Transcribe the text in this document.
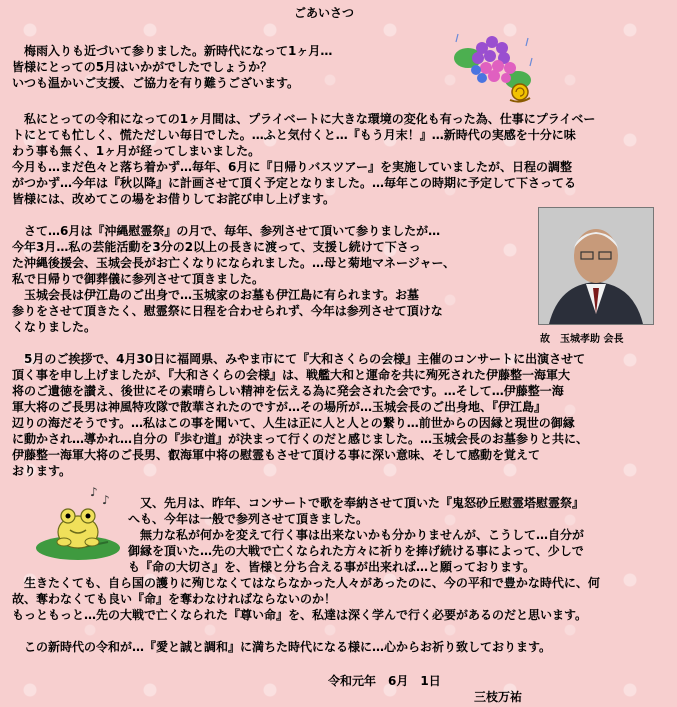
ごあいさつ
梅雨入りも近づいて参りました。新時代になって1ヶ月…
皆様にとっての5月はいかがでしたでしょうか？
いつも温かいご支援、ご協力を有り難うございます。
私にとっての令和になっての1ヶ月間は、プライベートに大きな環境の変化も有った為、仕事にプライベー
トにとても忙しく、慌ただしい毎日でした。…ふと気付くと…『もう月末！』…新時代の実感を十分に味
わう事も無く、1ヶ月が経ってしまいました。
今月も…まだ色々と落ち着かず…毎年、6月に『日帰りバスツアー』を実施していましたが、日程の調整
がつかず…今年は『秋以降』に計画させて頂く予定となりました。…毎年この時期に予定して下さってる
皆様には、改めてこの場をお借りしてお詫び申し上げます。
さて…6月は『沖縄慰霊祭』の月で、毎年、参列させて頂いて参りましたが…
今年3月…私の芸能活動を3分の2以上の長きに渡って、支援し続けて下さっ
た沖縄後援会、玉城会長がお亡くなりになられました。…母と菊地マネージャー、
私で日帰りで御葬儀に参列させて頂きました。
玉城会長は伊江島のご出身で…玉城家のお墓も伊江島に有られます。お墓
参りをさせて頂きたく、慰霊祭に日程を合わせられず、今年は参列させて頂けな
くなりました。
故　玉城孝助 会長
5月のご挨拶で、4月30日に福岡県、みやま市にて『大和さくらの会様』主催のコンサートに出演させて
頂く事を申し上げましたが、『大和さくらの会様』は、戦艦大和と運命を共に殉死された伊藤整一海軍大
将のご遺徳を讃え、後世にその素晴らしい精神を伝える為に発会された会です。…そして…伊藤整一海
軍大将のご長男は神風特攻隊で散華されたのですが…その場所が…玉城会長のご出身地、『伊江島』
辺りの海だそうです。…私はこの事を聞いて、人生は正に人と人との繋り…前世からの因縁と現世の御縁
に動かされ…導かれ…自分の『歩む道』が決まって行くのだと感じました。…玉城会長のお墓参りと共に、
伊藤整一海軍大将のご長男、叡海軍中将の慰霊もさせて頂ける事に深い意味、そして感動を覚えて
おります。
♪
♪	又、先月は、昨年、コンサートで歌を奉納させて頂いた『鬼怒砂丘慰霊塔慰霊祭』
へも、今年は一般で参列させて頂きました。
無力な私が何かを変えて行く事は出来ないかも分かりませんが、こうして…自分が
御縁を頂いた…先の大戦で亡くなられた方々に祈りを捧げ続ける事によって、少しで
も『命の大切さ』を、皆様と分ち合える事が出来れば…と願っております。
生きたくても、自ら国の護りに殉じなくてはならなかった人々があったのに、今の平和で豊かな時代に、何
故、奪わなくても良い『命』を奪わなければならないのか！
もっともっと…先の大戦で亡くなられた『尊い命』を、私達は深く学んで行く必要があるのだと思います。
この新時代の令和が…『愛と誠と調和』に満ちた時代になる様に…心からお祈り致しております。
令和元年　6月　1日
三枝万祐
